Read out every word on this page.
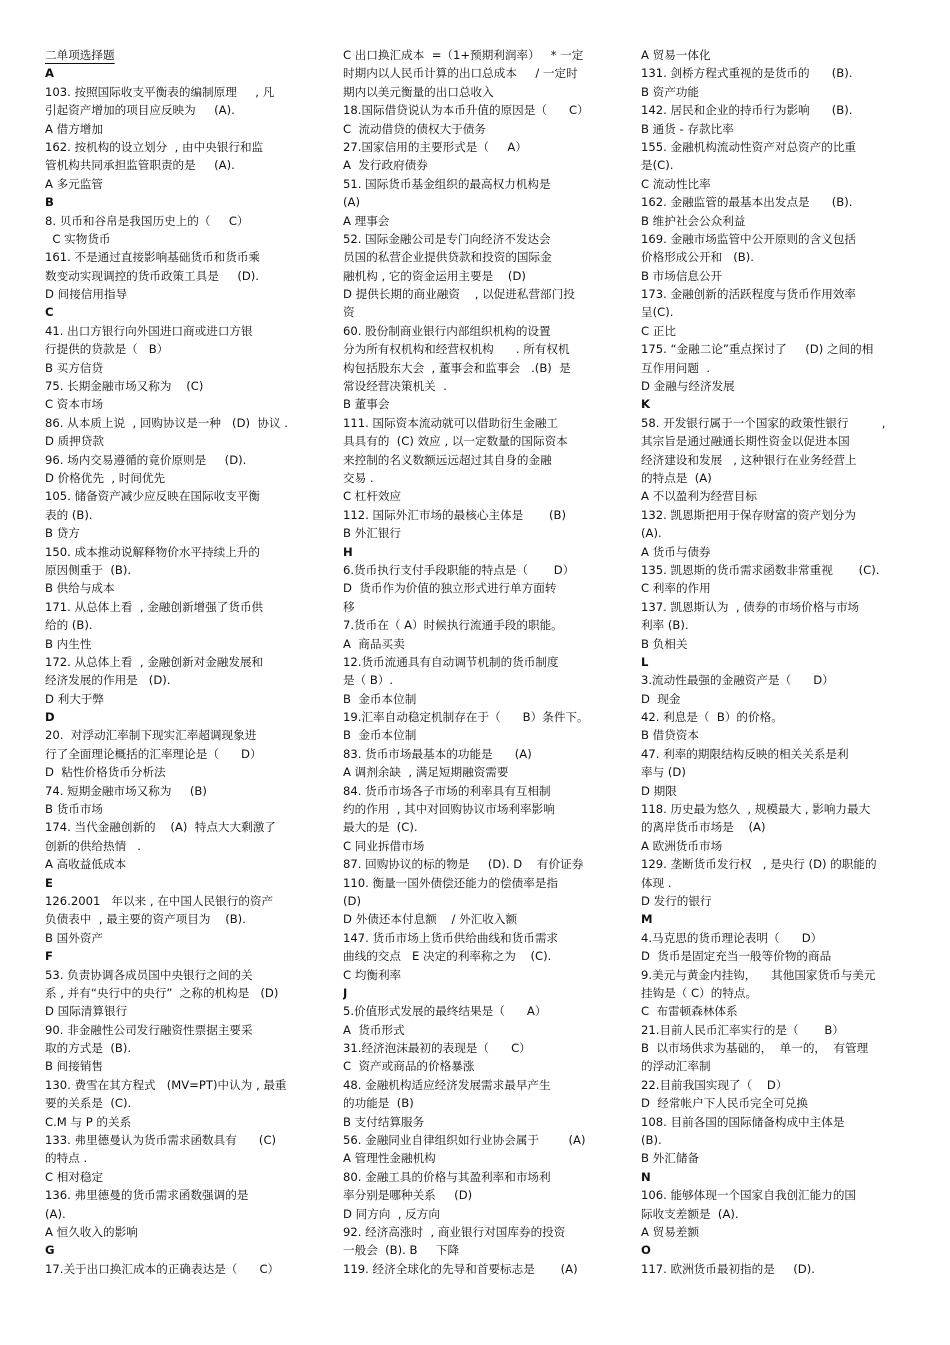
二单项选择题
A
103. 按照国际收支平衡表的编制原理     , 凡
引起资产增加的项目应反映为     (A).
A 借方增加
162. 按机构的设立划分  , 由中央银行和监
管机构共同承担监管职责的是     (A).
A 多元监管
B
8. 贝币和谷帛是我国历史上的（     C）
C 实物货币
161. 不是通过直接影响基础货币和货币乘
数变动实现调控的货币政策工具是     (D).
D 间接信用指导
C
41. 出口方银行向外国进口商或进口方银
行提供的贷款是（   B）
B 买方信贷
75. 长期金融市场又称为    (C)
C 资本市场
86. 从本质上说  , 回购协议是一种   (D)  协议 .
D 质押贷款
96. 场内交易遵循的竟价原则是     (D).
D 价格优先  , 时间优先
105. 储备资产减少应反映在国际收支平衡
表的 (B).
B 贷方
150. 成本推动说解释物价水平持续上升的
原因侧重于  (B).
B 供给与成本
171. 从总体上看  , 金融创新增强了货币供
给的 (B).
B 内生性
172. 从总体上看  , 金融创新对金融发展和
经济发展的作用是   (D).
D 利大于弊
D
20.  对浮动汇率制下现实汇率超调现象进
行了全面理论概括的汇率理论是（      D）
D  粘性价格货币分析法
74. 短期金融市场又称为     (B)
B 货币市场
174. 当代金融创新的    (A)  特点大大剩激了
创新的供给热情   .
A 高收益低成本
E
126.2001   年以来 , 在中国人民银行的资产
负债表中  , 最主要的资产项目为    (B).
B 国外资产
F
53. 负责协调各成员国中央银行之间的关
系 , 并有“央行中的央行”  之称的机构是   (D)
D 国际清算银行
90. 非金融性公司发行融资性票据主要采
取的方式是  (B).
B 间接销售
130. 费雪在其方程式   (MV=PT)中认为 , 最重
要的关系是  (C).
C.M 与 P 的关系
133. 弗里德曼认为货币需求函数具有      (C)
的特点 .
C 相对稳定
136. 弗里德曼的货币需求函数强调的是
(A).
A 恒久收入的影响
G
17.关于出口换汇成本的正确表达是（      C）
C 出口换汇成本  =（1+预期利润率）   * 一定
时期内以人民币计算的出口总成本     / 一定时
期内以美元衡量的出口总收入
18.国际借贷说认为本币升值的原因是（      C）
C  流动借贷的债权大于债务
27.国家信用的主要形式是（     A）
A  发行政府债券
51. 国际货币基金组织的最高权力机构是
(A)
A 理事会
52. 国际金融公司是专门向经济不发达会
员国的私营企业提供贷款和投资的国际金
融机构 , 它的资金运用主要是    (D)
D 提供长期的商业融资    , 以促进私营部门投
资
60. 股份制商业银行内部组织机构的设置
分为所有权机构和经营权机构      . 所有权机
构包括股东大会  , 董事会和监事会   .(B)  是
常设经营决策机关  .
B 董事会
111. 国际资本流动就可以借助衍生金融工
具具有的  (C) 效应 , 以一定数量的国际资本
来控制的名义数额远远超过其自身的金融
交易 .
C 杠杆效应
112. 国际外汇市场的最核心主体是       (B)
B 外汇银行
H
6.货币执行支付手段职能的特点是（       D）
D  货币作为价值的独立形式进行单方面转
移
7.货币在（ A）时候执行流通手段的职能。
A  商品买卖
12.货币流通具有自动调节机制的货币制度
是（ B）.
B  金币本位制
19.汇率自动稳定机制存在于（      B）条件下。
B  金币本位制
83. 货币市场最基本的功能是      (A)
A 调剂余缺  , 满足短期融资需要
84. 货币市场各子市场的利率具有互相制
约的作用  , 其中对回购协议市场利率影响
最大的是  (C).
C 同业拆借市场
87. 回购协议的标的物是     (D). D    有价证券
110. 衡量一国外债偿还能力的偿债率是指
(D)
D 外债还本付息额    / 外汇收入额
147. 货币市场上货币供给曲线和货币需求
曲线的交点   E 决定的利率称之为    (C).
C 均衡利率
J
5.价值形式发展的最终结果是（      A）
A  货币形式
31.经济泡沫最初的表现是（      C）
C  资产或商品的价格暴涨
48. 金融机构适应经济发展需求最早产生
的功能是  (B)
B 支付结算服务
56. 金融同业自律组织如行业协会属于        (A)
A 管理性金融机构
80. 金融工具的价格与其盈利率和市场利
率分别是哪种关系     (D)
D 同方向  , 反方向
92. 经济高涨时  , 商业银行对国库券的投资
一般会  (B). B     下降
119. 经济全球化的先导和首要标志是       (A)
A 贸易一体化
131. 剑桥方程式重视的是货币的      (B).
B 资产功能
142. 居民和企业的持币行为影响      (B).
B 通货 - 存款比率
155. 金融机构流动性资产对总资产的比重
是(C).
C 流动性比率
162. 金融监管的最基本出发点是      (B).
B 维护社会公众利益
169. 金融市场监管中公开原则的含义包括
价格形成公开和   (B).
B 市场信息公开
173. 金融创新的活跃程度与货币作用效率
呈(C).
C 正比
175. “金融二论”重点探讨了     (D) 之间的相
互作用问题  .
D 金融与经济发展
K
58. 开发银行属于一个国家的政策性银行         ,
其宗旨是通过融通长期性资金以促进本国
经济建设和发展   , 这种银行在业务经营上
的特点是  (A)
A 不以盈利为经营目标
132. 凯恩斯把用于保存财富的资产划分为
(A).
A 货币与债券
135. 凯恩斯的货币需求函数非常重视       (C).
C 利率的作用
137. 凯恩斯认为  , 债券的市场价格与市场
利率 (B).
B 负相关
L
3.流动性最强的金融资产是（      D）
D  现金
42. 利息是（  B）的价格。
B 借贷资本
47. 利率的期限结构反映的相关关系是利
率与 (D)
D 期限
118. 历史最为悠久  , 规模最大 , 影响力最大
的离岸货币市场是    (A)
A 欧洲货币市场
129. 垄断货币发行权   , 是央行 (D) 的职能的
体现 .
D 发行的银行
M
4.马克思的货币理论表明（      D）
D  货币是固定充当一般等价物的商品
9.美元与黄金内挂钩，    其他国家货币与美元
挂钩是（ C）的特点。
C  布雷顿森林体系
21.目前人民币汇率实行的是（       B）
B  以市场供求为基础的，  单一的，  有管理
的浮动汇率制
22.目前我国实现了（    D）
D  经常帐户下人民币完全可兑换
108. 目前各国的国际储备构成中主体是
(B).
B 外汇储备
N
106. 能够体现一个国家自我创汇能力的国
际收支差额是  (A).
A 贸易差额
O
117. 欧洲货币最初指的是     (D).
